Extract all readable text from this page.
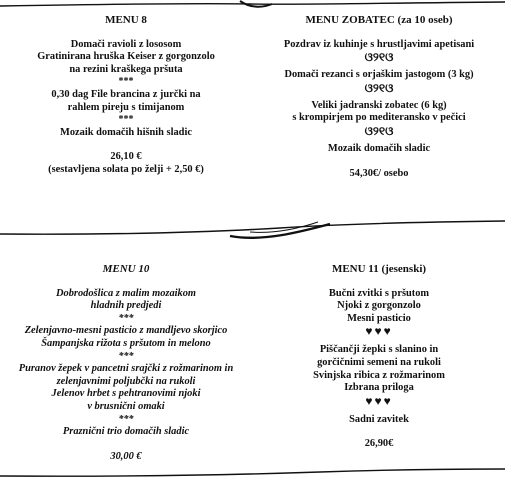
MENU 8
Domači ravioli z lososom
Gratinirana hruška Keiser z gorgonzolo
na rezini kraškega pršuta
***
0,30 dag File brancina z jurčki na
rahlem pireju s timijanom
***
Mozaik domačih hišnih sladic
26,10 €
(sestavljena solata po želji + 2,50 €)
MENU ZOBATEC (za 10 oseb)
Pozdrav iz kuhinje s hrustljavimi apetisani
ଓ୨୧ଓ
Domači rezanci s orjaškim jastogom (3 kg)
ଓ୨୧ଓ
Veliki jadranski zobatec (6 kg)
s krompirjem po mediteransko v pečici
ଓ୨୧ଓ
Mozaik domačih sladic
54,30€/ osebo
MENU 10
Dobrodošlica z malim mozaikom
hladnih predjedi
***
Zelenjavno-mesni pasticio z mandljevo skorjico
Šampanjska rižota s pršutom in melono
***
Puranov žepek v pancetni srajčki z rožmarinom in
zelenjavnimi poljubčki na rukoli
Jelenov hrbet s pehtranovimi njoki
v brusnični omaki
***
Praznični trio domačih sladic
30,00 €
MENU 11 (jesenski)
Bučni zvitki s pršutom
Njoki z gorgonzolo
Mesni pasticio
♥♥♥
Piščančji žepki s slanino in
gorčičnimi semeni na rukoli
Svinjska ribica z rožmarinom
Izbrana priloga
♥♥♥
Sadni zavitek
26,90€
